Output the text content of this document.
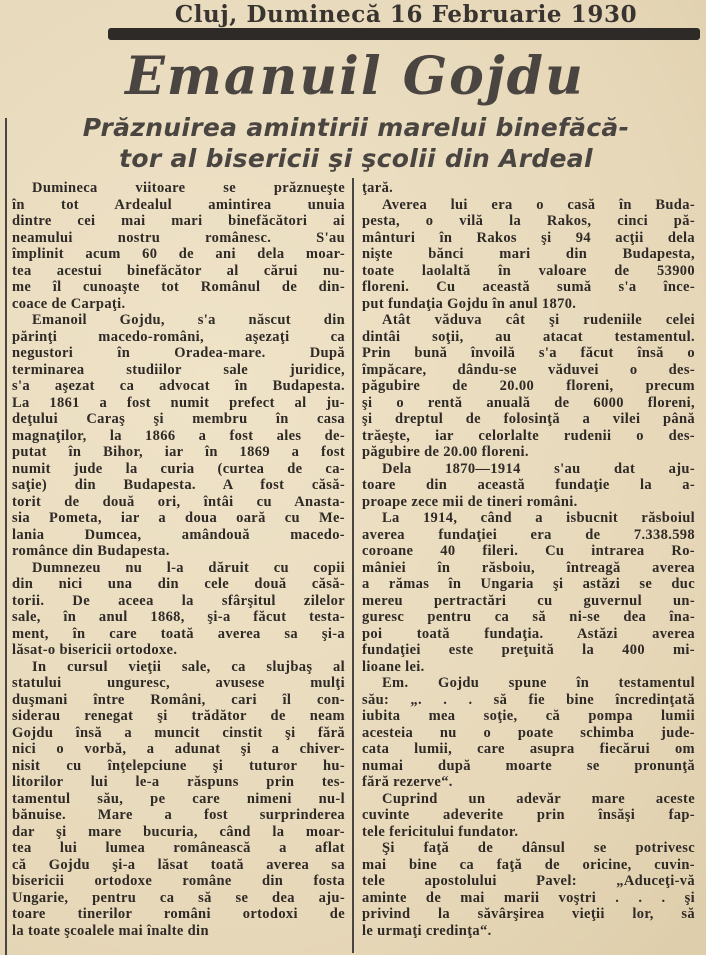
Cluj, Duminecă 16 Februarie 1930
Emanuil Gojdu
Prăznuirea amintirii marelui binefăcă-
tor al bisericii şi şcolii din Ardeal
Dumineca viitoare se prăznueşte
în tot Ardealul amintirea unuia
dintre cei mai mari binefăcători ai
neamului nostru românesc. S'au
împlinit acum 60 de ani dela moar-
tea acestui binefăcător al cărui nu-
me îl cunoaşte tot Românul de din-
coace de Carpaţi.
Emanoil Gojdu, s'a născut din
părinţi macedo-români, aşezaţi ca
negustori în Oradea-mare. După
terminarea studiilor sale juridice,
s'a aşezat ca advocat în Budapesta.
La 1861 a fost numit prefect al ju-
deţului Caraş şi membru în casa
magnaţilor, la 1866 a fost ales de-
putat în Bihor, iar în 1869 a fost
numit jude la curia (curtea de ca-
saţie) din Budapesta. A fost căsă-
torit de două ori, întâi cu Anasta-
sia Pometa, iar a doua oară cu Me-
lania Dumcea, amândouă macedo-
românce din Budapesta.
Dumnezeu nu l-a dăruit cu copii
din nici una din cele două căsă-
torii. De aceea la sfârşitul zilelor
sale, în anul 1868, şi-a făcut testa-
ment, în care toată averea sa şi-a
lăsat-o bisericii ortodoxe.
In cursul vieţii sale, ca slujbaş al
statului unguresc, avusese mulţi
duşmani între Români, cari îl con-
siderau renegat şi trădător de neam
Gojdu însă a muncit cinstit şi fără
nici o vorbă, a adunat şi a chiver-
nisit cu înţelepciune şi tuturor hu-
litorilor lui le-a răspuns prin tes-
tamentul său, pe care nimeni nu-l
bănuise. Mare a fost surprinderea
dar şi mare bucuria, când la moar-
tea lui lumea românească a aflat
că Gojdu şi-a lăsat toată averea sa
bisericii ortodoxe române din fosta
Ungarie, pentru ca să se dea aju-
toare tinerilor români ortodoxi de
la toate şcoalele mai înalte din
ţară.
Averea lui era o casă în Buda-
pesta, o vilă la Rakos, cinci pă-
mânturi în Rakos şi 94 acţii dela
nişte bănci mari din Budapesta,
toate laolaltă în valoare de 53900
floreni. Cu această sumă s'a înce-
put fundaţia Gojdu în anul 1870.
Atât văduva cât şi rudeniile celei
dintâi soţii, au atacat testamentul.
Prin bună învoilă s'a făcut însă o
împăcare, dându-se văduvei o des-
păgubire de 20.00 floreni, precum
şi o rentă anuală de 6000 floreni,
şi dreptul de folosinţă a vilei până
trăeşte, iar celorlalte rudenii o des-
păgubire de 20.00 floreni.
Dela 1870—1914 s'au dat aju-
toare din această fundaţie la a-
proape zece mii de tineri români.
La 1914, când a isbucnit răsboiul
averea fundaţiei era de 7.338.598
coroane 40 fileri. Cu intrarea Ro-
mâniei în răsboiu, întreagă averea
a rămas în Ungaria şi astăzi se duc
mereu pertractări cu guvernul un-
guresc pentru ca să ni-se dea îna-
poi toată fundaţia. Astăzi averea
fundaţiei este preţuită la 400 mi-
lioane lei.
Em. Gojdu spune în testamentul
său: „. . . să fie bine încredinţată
iubita mea soţie, că pompa lumii
acesteia nu o poate schimba jude-
cata lumii, care asupra fiecărui om
numai după moarte se pronunţă
fără rezerve“.
Cuprind un adevăr mare aceste
cuvinte adeverite prin însăşi fap-
tele fericitului fundator.
Şi faţă de dânsul se potrivesc
mai bine ca faţă de oricine, cuvin-
tele apostolului Pavel: „Aduceţi-vă
aminte de mai marii voştri . . . şi
privind la săvârşirea vieţii lor, să
le urmaţi credinţa“.
